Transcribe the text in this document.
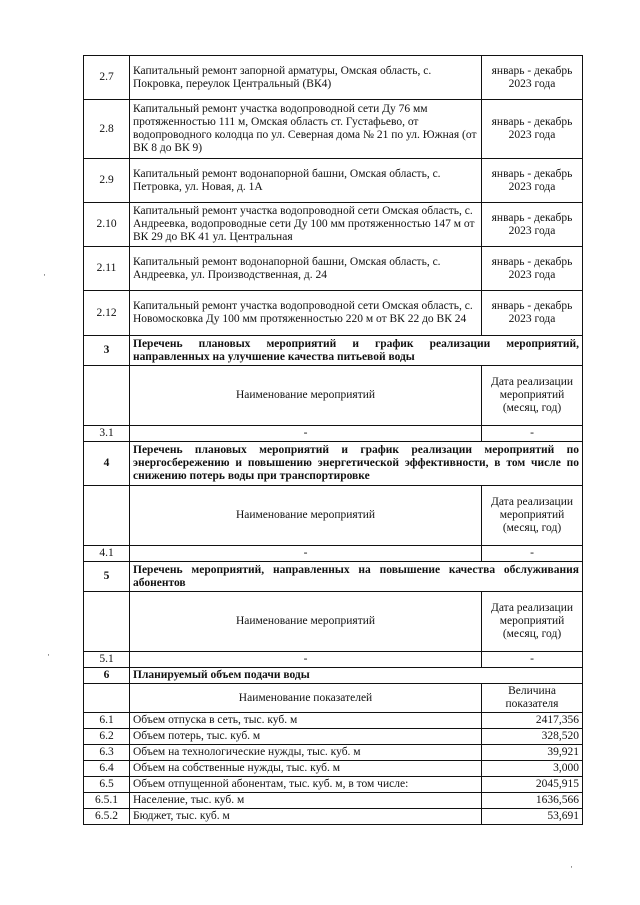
2.7	Капитальный ремонт запорной арматуры, Омская область, с. Покровка, переулок Центральный (ВК4)	январь - декабрь 2023 года
2.8	Капитальный ремонт участка водопроводной сети Ду 76 мм протяженностью 111 м, Омская область ст. Густафьево, от водопроводного колодца по ул. Северная дома № 21 по ул. Южная (от ВК 8 до ВК 9)	январь - декабрь 2023 года
2.9	Капитальный ремонт водонапорной башни, Омская область, с. Петровка, ул. Новая, д. 1А	январь - декабрь 2023 года
2.10	Капитальный ремонт участка водопроводной сети Омская область, с. Андреевка, водопроводные сети Ду 100 мм протяженностью 147 м от ВК 29 до ВК 41 ул. Центральная	январь - декабрь 2023 года
2.11	Капитальный ремонт водонапорной башни, Омская область, с. Андреевка, ул. Производственная, д. 24	январь - декабрь 2023 года
2.12	Капитальный ремонт участка водопроводной сети Омская область, с. Новомосковка Ду 100 мм протяженностью 220 м от ВК 22 до ВК 24	январь - декабрь 2023 года
3	Перечень плановых мероприятий и график реализации мероприятий, направленных на улучшение качества питьевой воды	
	Наименование мероприятий	Дата реализации мероприятий (месяц, год)
3.1	-	-
4	Перечень плановых мероприятий и график реализации мероприятий по энергосбережению и повышению энергетической эффективности, в том числе по снижению потерь воды при транспортировке	
	Наименование мероприятий	Дата реализации мероприятий (месяц, год)
4.1	-	-
5	Перечень мероприятий, направленных на повышение качества обслуживания абонентов	
	Наименование мероприятий	Дата реализации мероприятий (месяц, год)
5.1	-	-
6	Планируемый объем подачи воды	
	Наименование показателей	Величина показателя
6.1	Объем отпуска в сеть, тыс. куб. м	2417,356
6.2	Объем потерь, тыс. куб. м	328,520
6.3	Объем на технологические нужды, тыс. куб. м	39,921
6.4	Объем на собственные нужды, тыс. куб. м	3,000
6.5	Объем отпущенной абонентам, тыс. куб. м, в том числе:	2045,915
6.5.1	Население, тыс. куб. м	1636,566
6.5.2	Бюджет, тыс. куб. м	53,691
·
·
·
